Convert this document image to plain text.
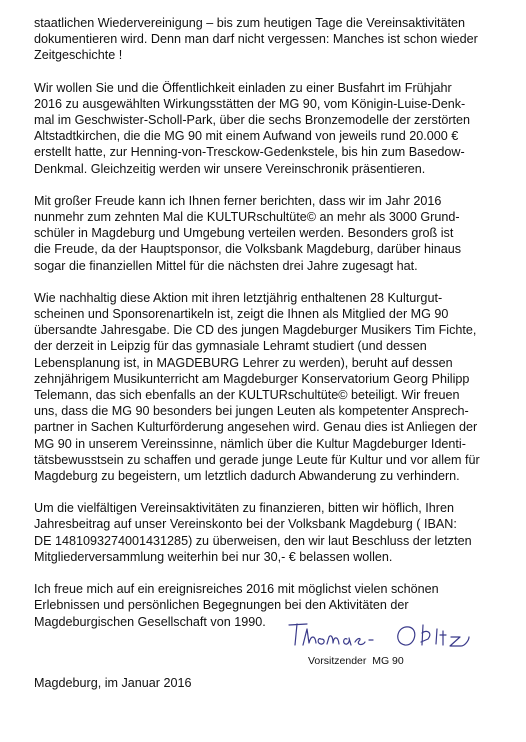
staatlichen Wiedervereinigung – bis zum heutigen Tage die Vereinsaktivitäten
dokumentieren wird. Denn man darf nicht vergessen: Manches ist schon wieder
Zeitgeschichte !

Wir wollen Sie und die Öffentlichkeit einladen zu einer Busfahrt im Frühjahr
2016 zu ausgewählten Wirkungsstätten der MG 90, vom Königin-Luise-Denk-
mal im Geschwister-Scholl-Park, über die sechs Bronzemodelle der zerstörten
Altstadtkirchen, die die MG 90 mit einem Aufwand von jeweils rund 20.000 €
erstellt hatte, zur Henning-von-Tresckow-Gedenkstele, bis hin zum Basedow-
Denkmal. Gleichzeitig werden wir unsere Vereinschronik präsentieren.

Mit großer Freude kann ich Ihnen ferner berichten, dass wir im Jahr 2016
nunmehr zum zehnten Mal die KULTURschultüte© an mehr als 3000 Grund-
schüler in Magdeburg und Umgebung verteilen werden. Besonders groß ist
die Freude, da der Hauptsponsor, die Volksbank Magdeburg, darüber hinaus
sogar die finanziellen Mittel für die nächsten drei Jahre zugesagt hat.

Wie nachhaltig diese Aktion mit ihren letztjährig enthaltenen 28 Kulturgut-
scheinen und Sponsorenartikeln ist, zeigt die Ihnen als Mitglied der MG 90
übersandte Jahresgabe. Die CD des jungen Magdeburger Musikers Tim Fichte,
der derzeit in Leipzig für das gymnasiale Lehramt studiert (und dessen
Lebensplanung ist, in MAGDEBURG Lehrer zu werden), beruht auf dessen
zehnjährigem Musikunterricht am Magdeburger Konservatorium Georg Philipp
Telemann, das sich ebenfalls an der KULTURschultüte© beteiligt. Wir freuen
uns, dass die MG 90 besonders bei jungen Leuten als kompetenter Ansprech-
partner in Sachen Kulturförderung angesehen wird. Genau dies ist Anliegen der
MG 90 in unserem Vereinssinne, nämlich über die Kultur Magdeburger Identi-
tätsbewusstsein zu schaffen und gerade junge Leute für Kultur und vor allem für
Magdeburg zu begeistern, um letztlich dadurch Abwanderung zu verhindern.

Um die vielfältigen Vereinsaktivitäten zu finanzieren, bitten wir höflich, Ihren
Jahresbeitrag auf unser Vereinskonto bei der Volksbank Magdeburg ( IBAN:
DE 1481093274001431285) zu überweisen, den wir laut Beschluss der letzten
Mitgliederversammlung weiterhin bei nur 30,- € belassen wollen.

Ich freue mich auf ein ereignisreiches 2016 mit möglichst vielen schönen
Erlebnissen und persönlichen Begegnungen bei den Aktivitäten der
Magdeburgischen Gesellschaft von 1990.

Vorsitzender  MG 90
Magdeburg, im Januar 2016
